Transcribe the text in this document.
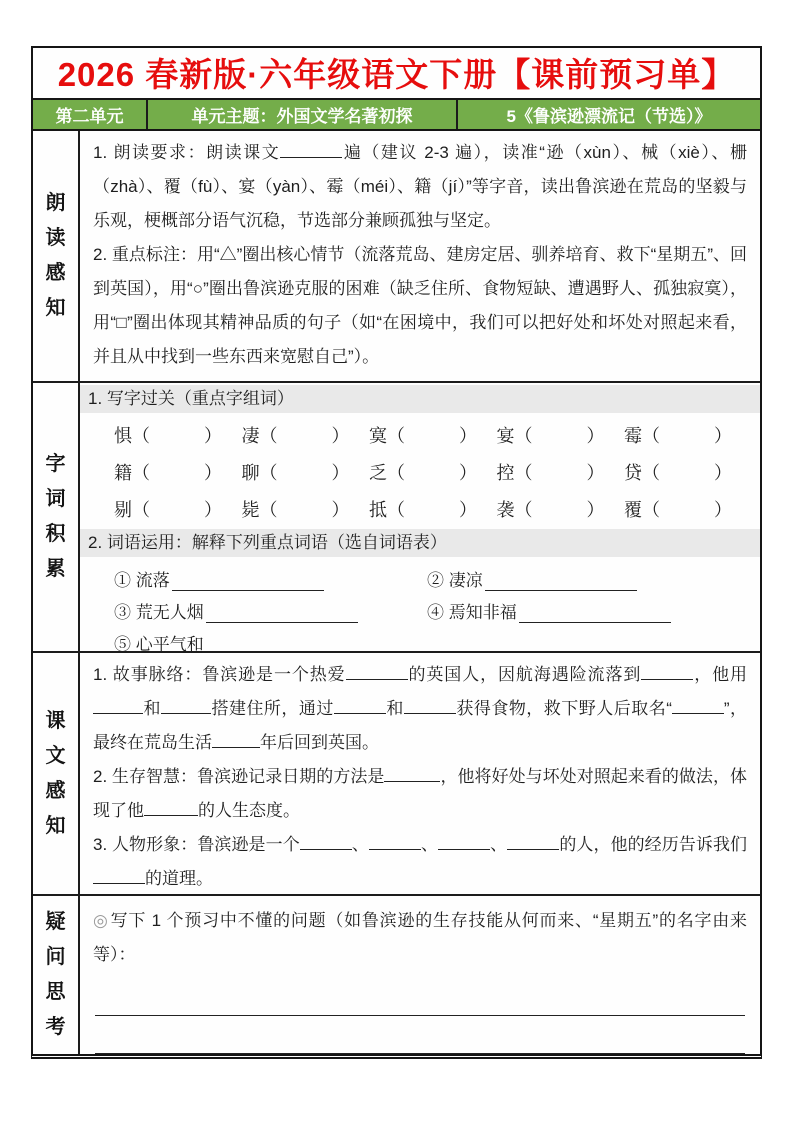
2026 春新版·六年级语文下册【课前预习单】
第二单元	单元主题：外国文学名著初探	5《鲁滨逊漂流记（节选）》
朗读感知

1. 朗读要求：朗读课文	遍（建议 2-3 遍），读准“逊（xùn）、械（xiè）、栅（zhà）、覆（fù）、宴（yàn）、霉（méi）、籍（jí）”等字音，读出鲁滨逊在荒岛的坚毅与乐观，梗概部分语气沉稳，节选部分兼顾孤独与坚定。

2. 重点标注：用“△”圈出核心情节（流落荒岛、建房定居、驯养培育、救下“星期五”、回到英国），用“○”圈出鲁滨逊克服的困难（缺乏住所、食物短缺、遭遇野人、孤独寂寞），用“□”圈出体现其精神品质的句子（如“在困境中，我们可以把好处和坏处对照起来看，并且从中找到一些东西来宽慰自己”）。

字词积累
1. 写字过关（重点字组词）
惧（　　　） 凄（　　　） 寞（　　　） 宴（　　　） 霉（　　　）
籍（　　　） 聊（　　　） 乏（　　　） 控（　　　） 贷（　　　）
剔（　　　） 毙（　　　） 抵（　　　） 袭（　　　） 覆（　　　）
2. 词语运用：解释下列重点词语（选自词语表）
① 流落	② 凄凉
③ 荒无人烟	④ 焉知非福
⑤ 心平气和
课文感知

1. 故事脉络：鲁滨逊是一个热爱	的英国人，因航海遇险流落到	，他用和	搭建住所，通过	和	获得食物，救下野人后取名“	”，最终在荒岛生活	年后回到英国。

2. 生存智慧：鲁滨逊记录日期的方法是	，他将好处与坏处对照起来看的做法，体现了他	的人生态度。

3. 人物形象：鲁滨逊是一个	、	、	、	的人，他的经历告诉我们的道理。

疑问思考

◎ 写下 1 个预习中不懂的问题（如鲁滨逊的生存技能从何而来、“星期五”的名字由来等）：
